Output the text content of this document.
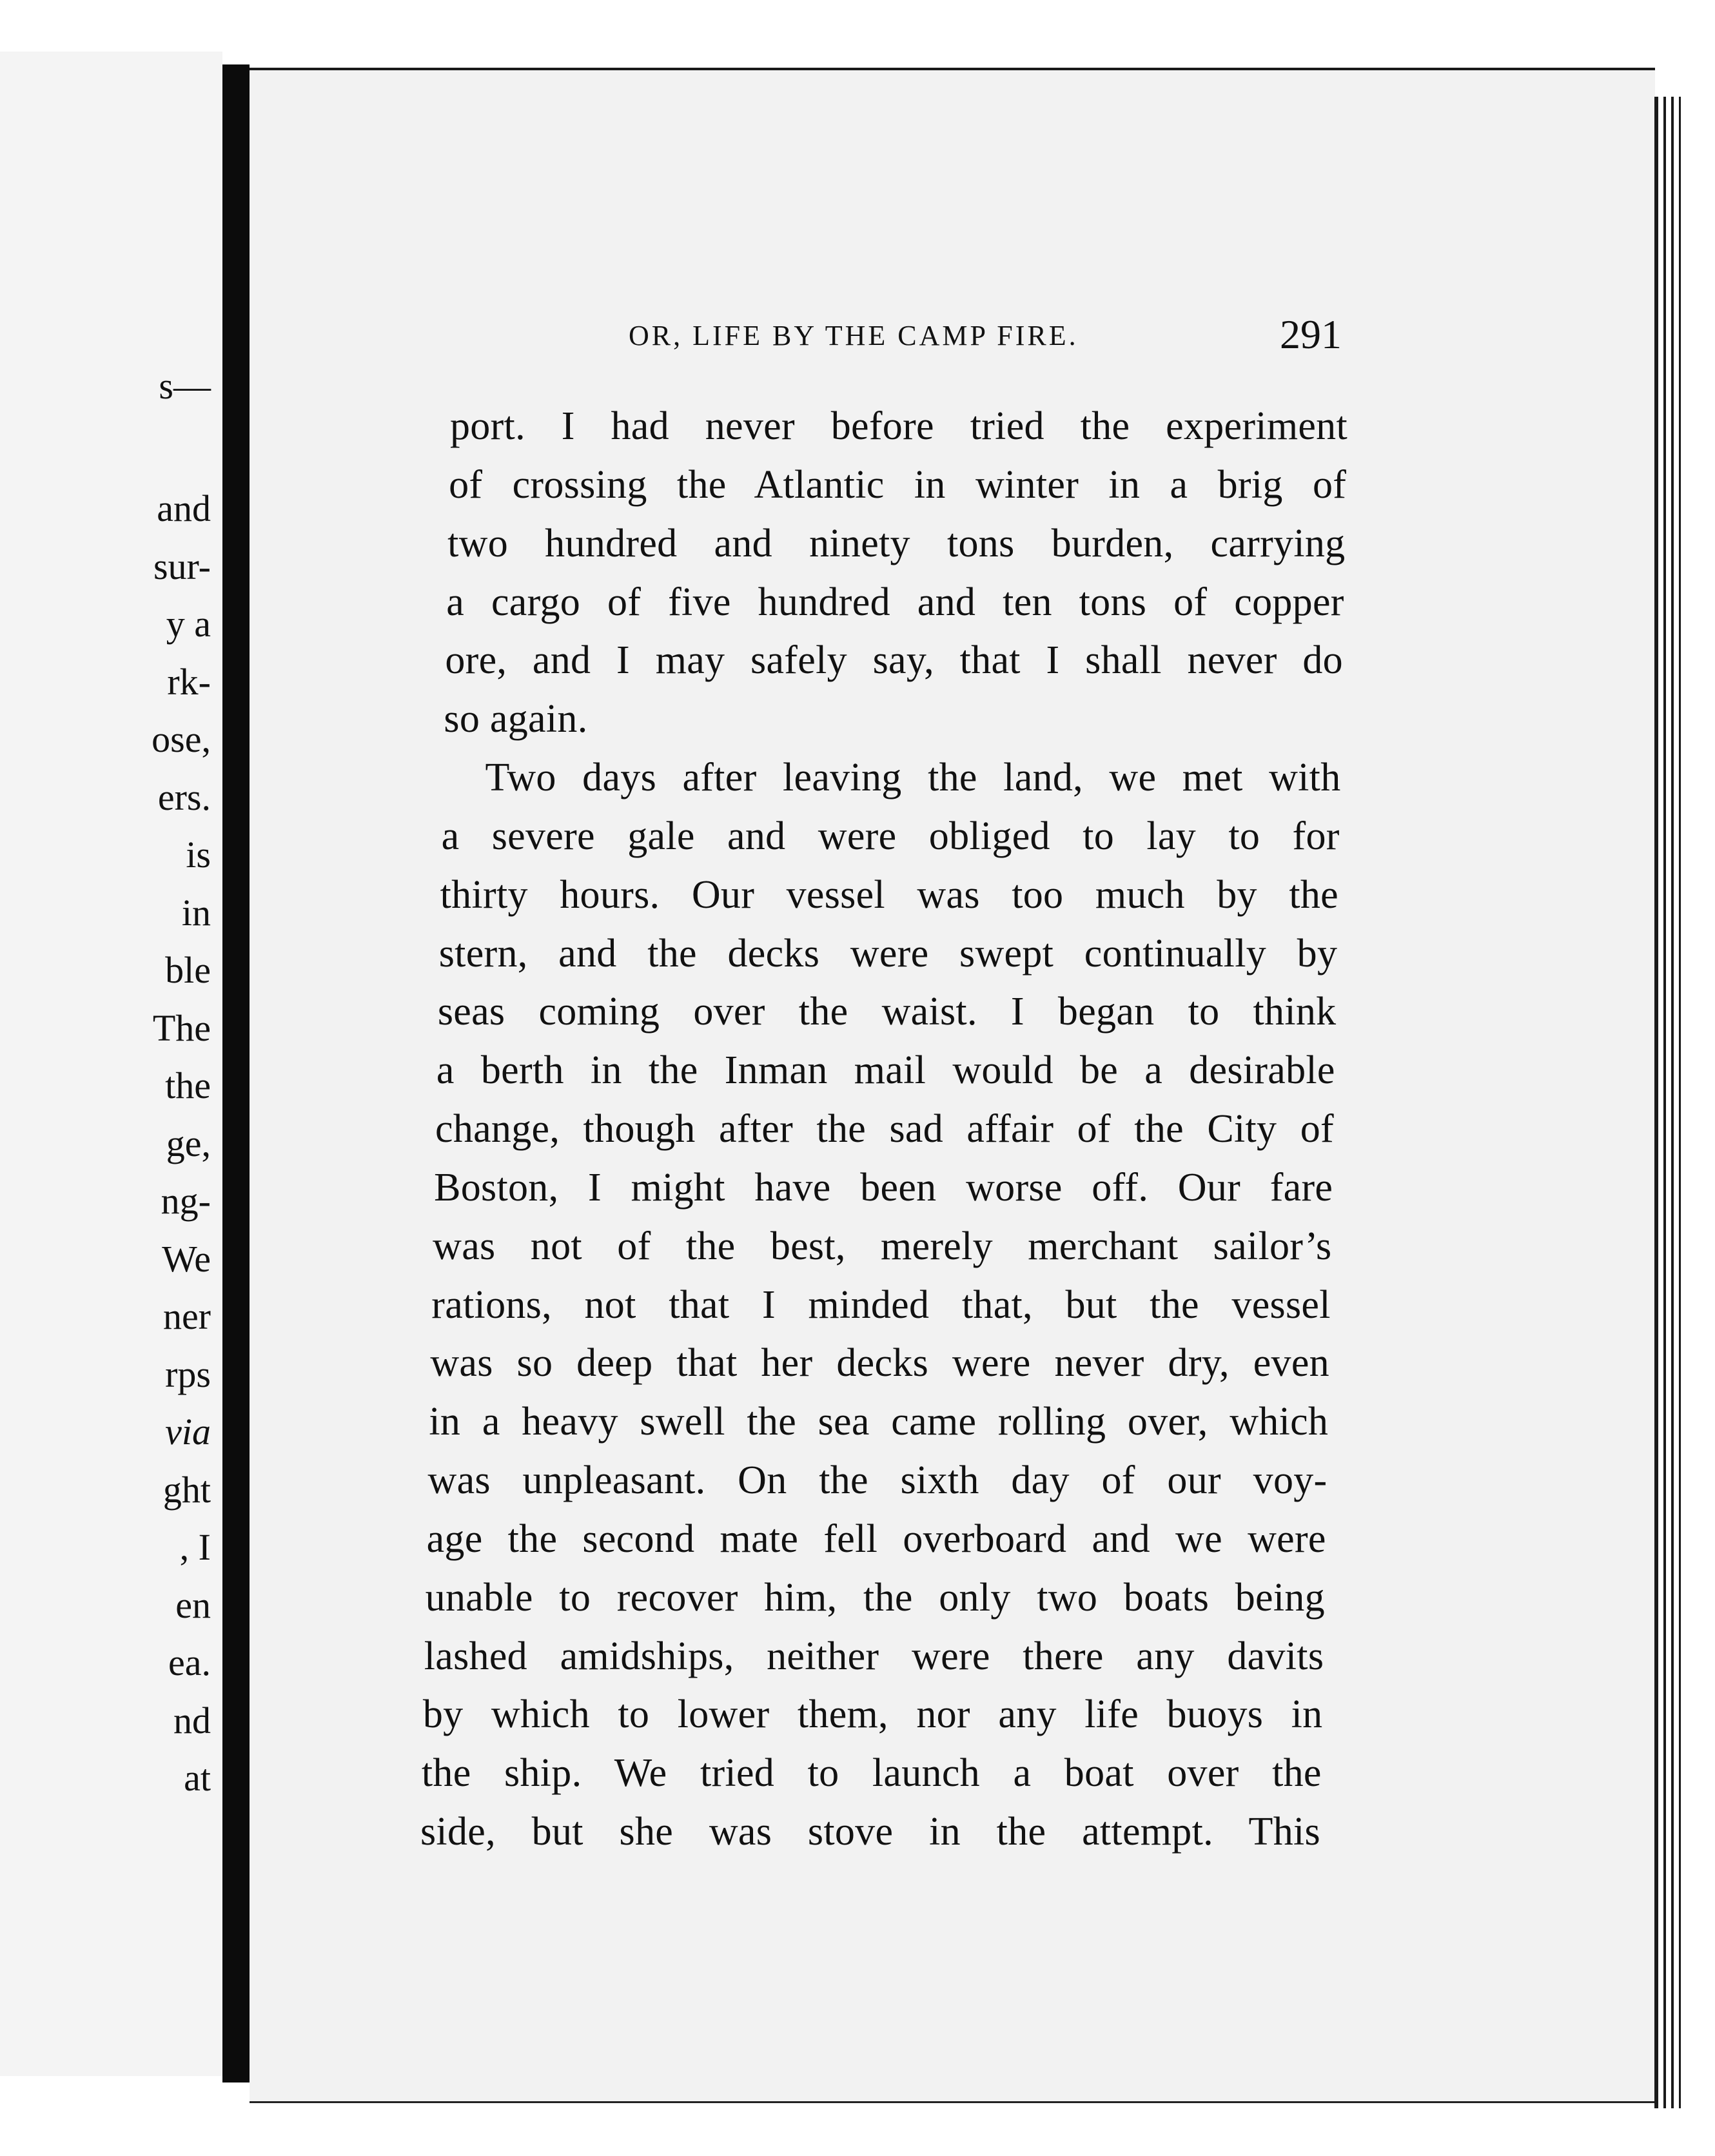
s—
and
sur-
y a
rk-
ose,
ers.
is
in
ble
The
the
ge,
ng-
We
ner
rps
via
ght
, I
en
ea.
nd
at
OR, LIFE BY THE CAMP FIRE.	291
port. I had never before tried the experiment
of crossing the Atlantic in winter in a brig of
two hundred and ninety tons burden, carrying
a cargo of five hundred and ten tons of copper
ore, and I may safely say, that I shall never do
so again.
Two days after leaving the land, we met with
a severe gale and were obliged to lay to for
thirty hours. Our vessel was too much by the
stern, and the decks were swept continually by
seas coming over the waist. I began to think
a berth in the Inman mail would be a desirable
change, though after the sad affair of the City of
Boston, I might have been worse off. Our fare
was not of the best, merely merchant sailor’s
rations, not that I minded that, but the vessel
was so deep that her decks were never dry, even
in a heavy swell the sea came rolling over, which
was unpleasant. On the sixth day of our voy-
age the second mate fell overboard and we were
unable to recover him, the only two boats being
lashed amidships, neither were there any davits
by which to lower them, nor any life buoys in
the ship. We tried to launch a boat over the
side, but she was stove in the attempt. This
